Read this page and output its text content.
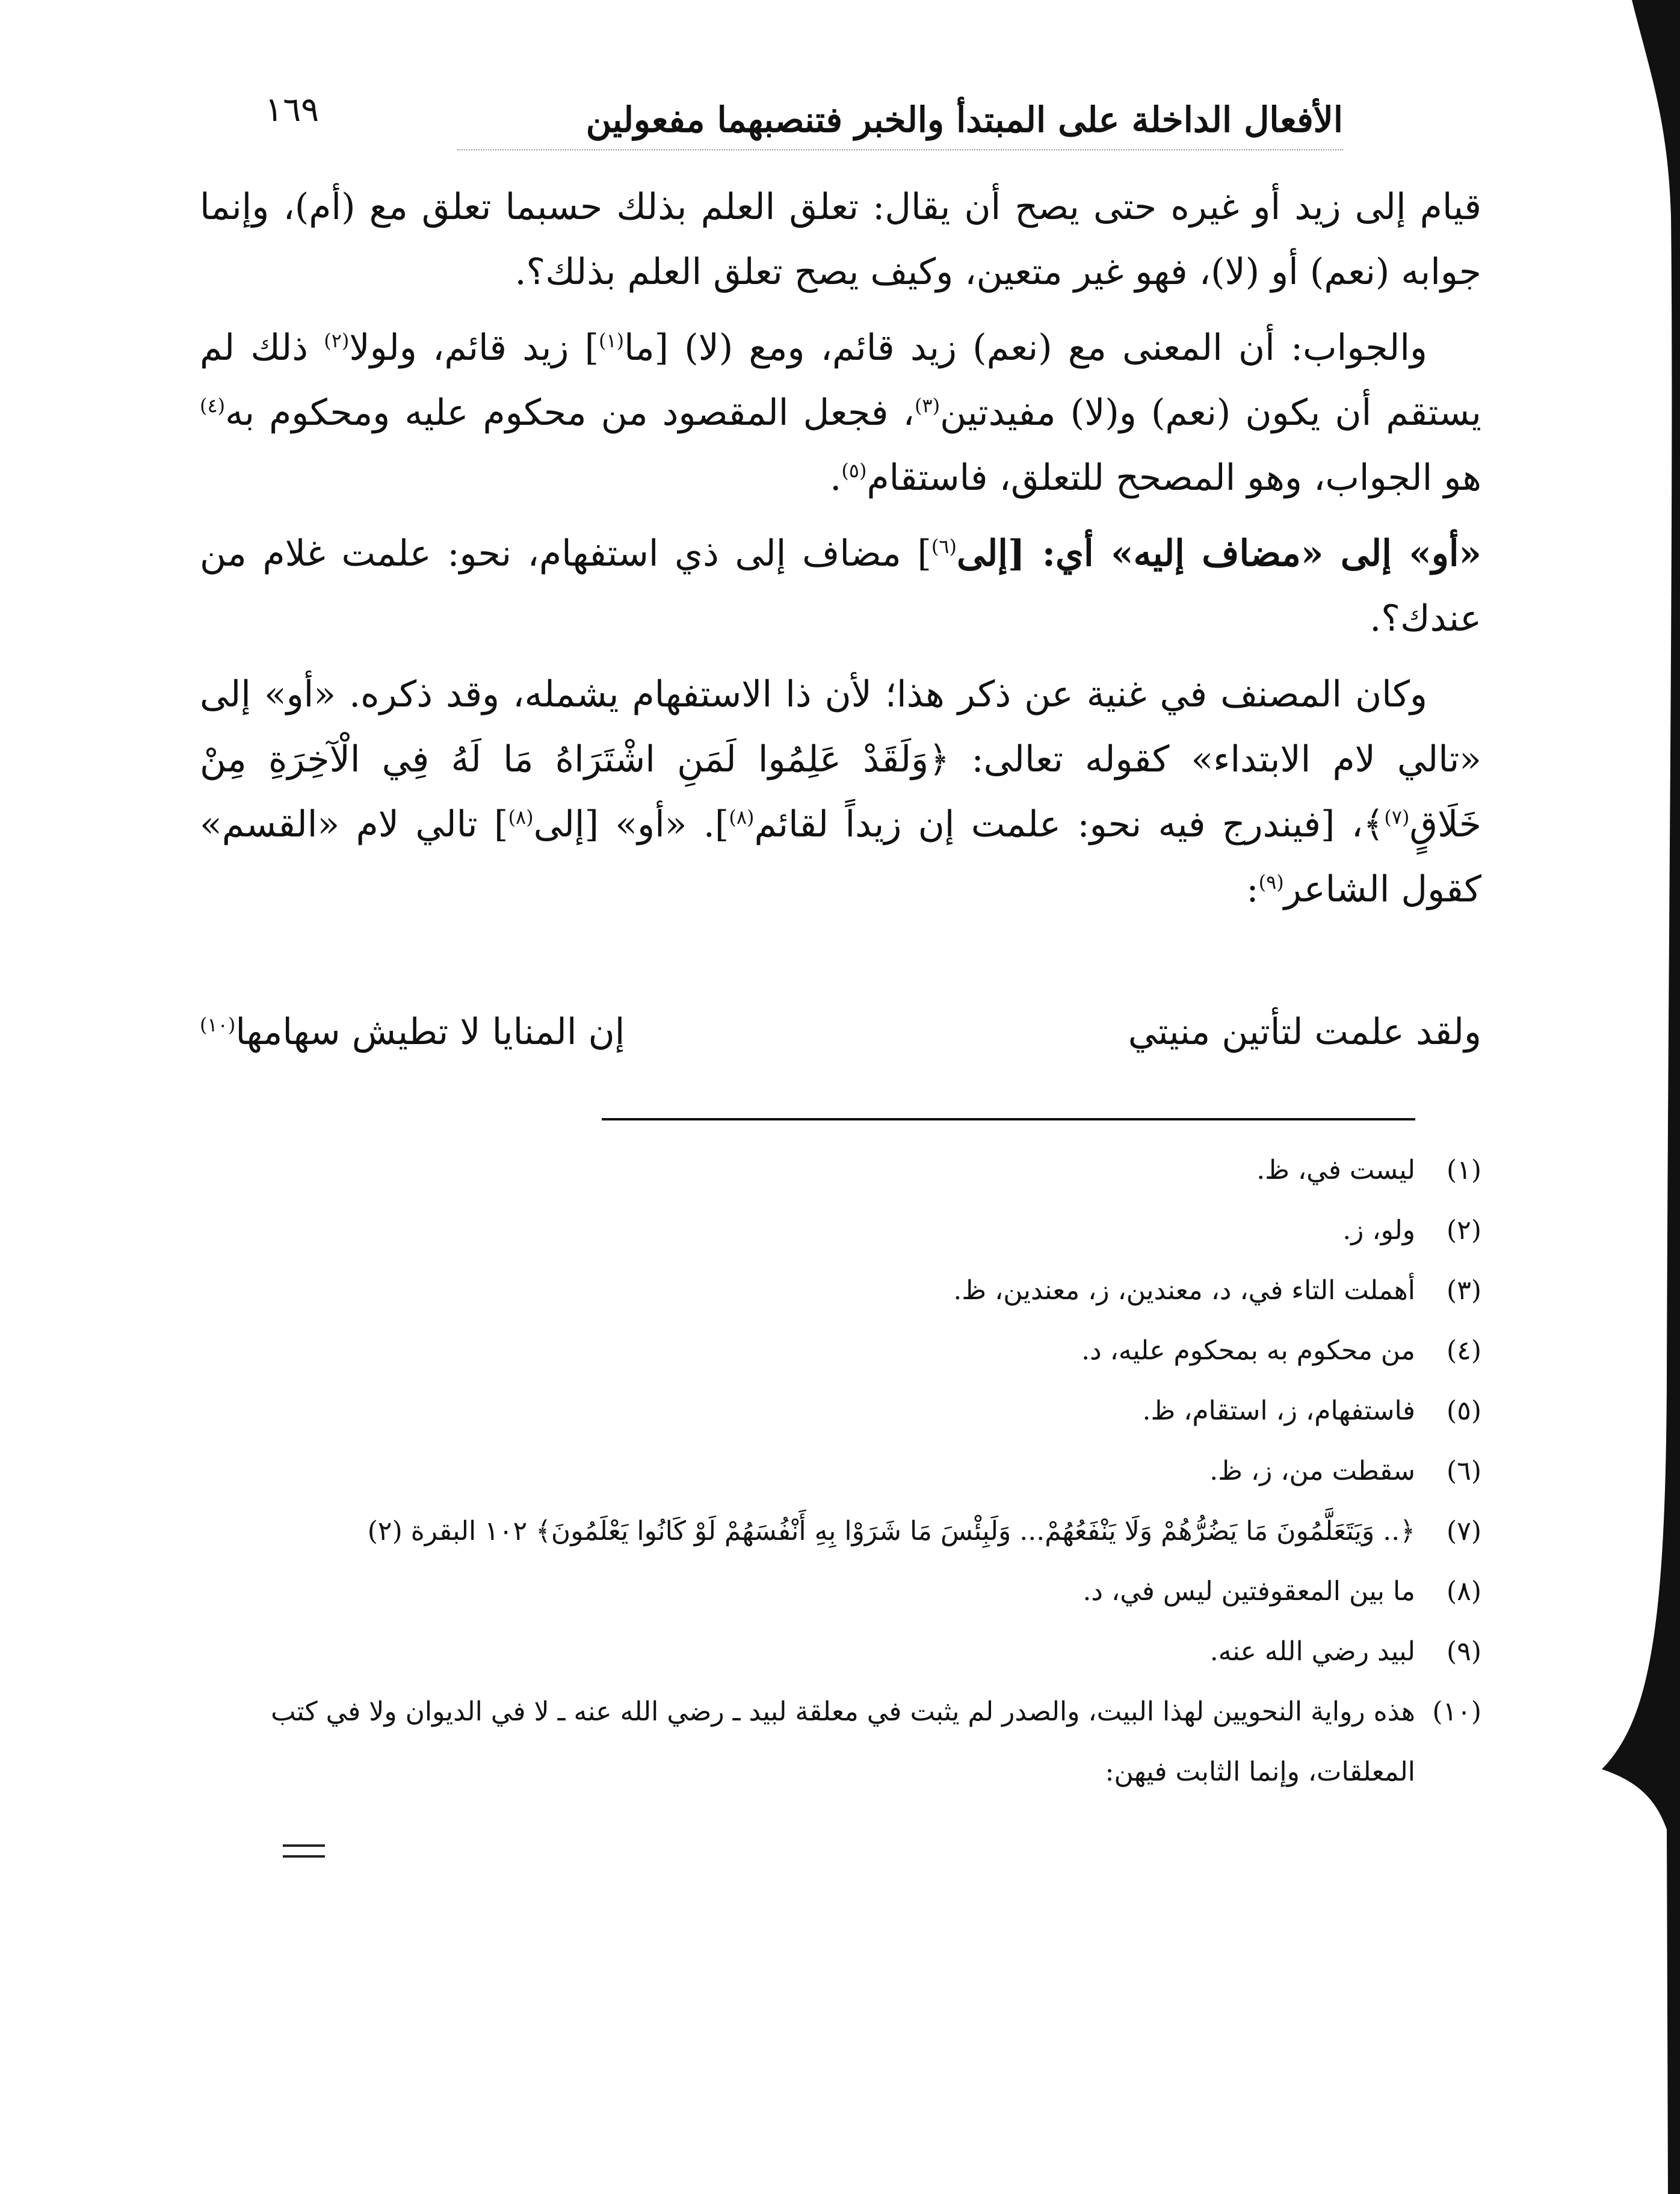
١٦٩	الأفعال الداخلة على المبتدأ والخبر فتنصبهما مفعولين

قيام إلى زيد أو غيره حتى يصح أن يقال: تعلق العلم بذلك حسبما تعلق مع (أم)، وإنما جوابه (نعم) أو (لا)، فهو غير متعين، وكيف يصح تعلق العلم بذلك؟.

والجواب: أن المعنى مع (نعم) زيد قائم، ومع (لا) [ما$^{(١)}$] زيد قائم، ولولا$^{(٢)}$ ذلك لم يستقم أن يكون (نعم) و(لا) مفيدتين$^{(٣)}$، فجعل المقصود من محكوم عليه ومحكوم به$^{(٤)}$ هو الجواب، وهو المصحح للتعلق، فاستقام$^{(٥)}$.

«أو» إلى «مضاف إليه» أي: [إلى$^{(٦)}$] مضاف إلى ذي استفهام، نحو: علمت غلام من عندك؟.

وكان المصنف في غنية عن ذكر هذا؛ لأن ذا الاستفهام يشمله، وقد ذكره. «أو» إلى «تالي لام الابتداء» كقوله تعالى: ﴿وَلَقَدْ عَلِمُوا لَمَنِ اشْتَرَاهُ مَا لَهُ فِي الْآخِرَةِ مِنْ خَلَاقٍ$^{(٧)}$﴾، [فيندرج فيه نحو: علمت إن زيداً لقائم$^{(٨)}$]. «أو» [إلى$^{(٨)}$] تالي لام «القسم» كقول الشاعر$^{(٩)}$:

ولقد علمت لتأتين منيتي
إن المنايا لا تطيش سهامها$^{(١٠)}$
(١)
ليست في، ظ.
(٢)
ولو، ز.
(٣)
أهملت التاء في، د، معندين، ز، معندين، ظ.
(٤)
من محكوم به بمحكوم عليه، د.
(٥)
فاستفهام، ز، استقام، ظ.
(٦)
سقطت من، ز، ظ.
(٧)
﴿.. وَيَتَعَلَّمُونَ مَا يَضُرُّهُمْ وَلَا يَنْفَعُهُمْ... وَلَبِئْسَ مَا شَرَوْا بِهِ أَنْفُسَهُمْ لَوْ كَانُوا يَعْلَمُونَ﴾ ١٠٢ البقرة (٢)
(٨)
ما بين المعقوفتين ليس في، د.
(٩)
لبيد رضي الله عنه.
(١٠)
هذه رواية النحويين لهذا البيت، والصدر لم يثبت في معلقة لبيد ـ رضي الله عنه ـ لا في الديوان ولا في كتب المعلقات، وإنما الثابت فيهن:
